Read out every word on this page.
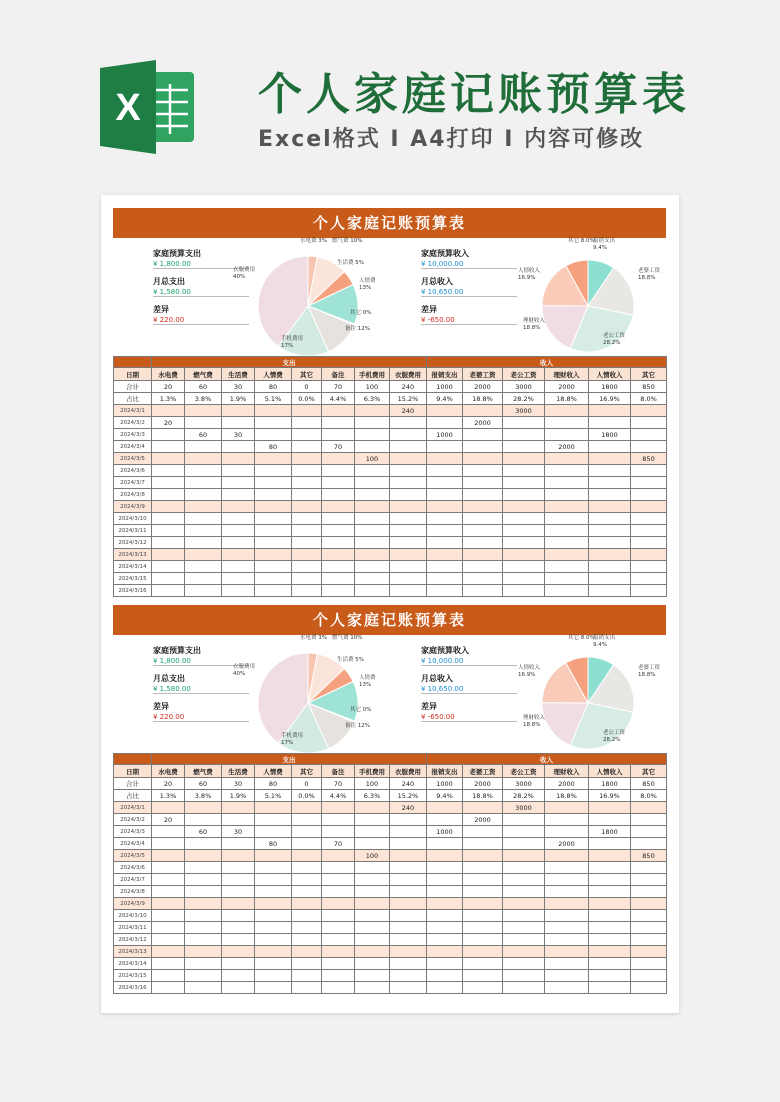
X	个人家庭记账预算表
Excel格式 I A4打印 I 内容可修改
个人家庭记账预算表
家庭预算支出
¥ 1,800.00
月总支出
¥ 1,580.00
差异
¥ 220.00
家庭预算收入
¥ 10,000.00
月总收入
¥ 10,650.00
差异
¥ -650.00
水电费 3% 燃气费 10%
生活费 5%
人情费 13%
其它 0%
备注 12%
手机费用 17%
衣服费用 40%
其它 8.0%
报销支出 9.4%
老婆工资 18.8%
老公工资 28.2%
理财收入 18.8%
人情收入 16.9%
	支出								收入					
日期	水电费	燃气费	生活费	人情费	其它	备注	手机费用	衣服费用	报销支出	老婆工资	老公工资	理财收入	人情收入	其它
合计	20	60	30	80	0	70	100	240	1000	2000	3000	2000	1800	850
占比	1.3%	3.8%	1.9%	5.1%	0.0%	4.4%	6.3%	15.2%	9.4%	18.8%	28.2%	18.8%	16.9%	8.0%
2024/3/1								240			3000			
2024/3/2	20									2000				
2024/3/3		60	30						1000				1800	
2024/3/4				80		70						2000		
2024/3/5							100							850
2024/3/6														
2024/3/7														
2024/3/8														
2024/3/9														
2024/3/10														
2024/3/11														
2024/3/12														
2024/3/13														
2024/3/14														
2024/3/15														
2024/3/16														
个人家庭记账预算表
家庭预算支出
¥ 1,800.00
月总支出
¥ 1,580.00
差异
¥ 220.00
家庭预算收入
¥ 10,000.00
月总收入
¥ 10,650.00
差异
¥ -650.00
水电费 3% 燃气费 10%
生活费 5%
人情费 13%
其它 0%
备注 12%
手机费用 17%
衣服费用 40%
其它 8.0%
报销支出 9.4%
老婆工资 18.8%
老公工资 28.2%
理财收入 18.8%
人情收入 16.9%
	支出								收入					
日期	水电费	燃气费	生活费	人情费	其它	备注	手机费用	衣服费用	报销支出	老婆工资	老公工资	理财收入	人情收入	其它
合计	20	60	30	80	0	70	100	240	1000	2000	3000	2000	1800	850
占比	1.3%	3.8%	1.9%	5.1%	0.0%	4.4%	6.3%	15.2%	9.4%	18.8%	28.2%	18.8%	16.9%	8.0%
2024/3/1								240			3000			
2024/3/2	20									2000				
2024/3/3		60	30						1000				1800	
2024/3/4				80		70						2000		
2024/3/5							100							850
2024/3/6														
2024/3/7														
2024/3/8														
2024/3/9														
2024/3/10														
2024/3/11														
2024/3/12														
2024/3/13														
2024/3/14														
2024/3/15														
2024/3/16														
